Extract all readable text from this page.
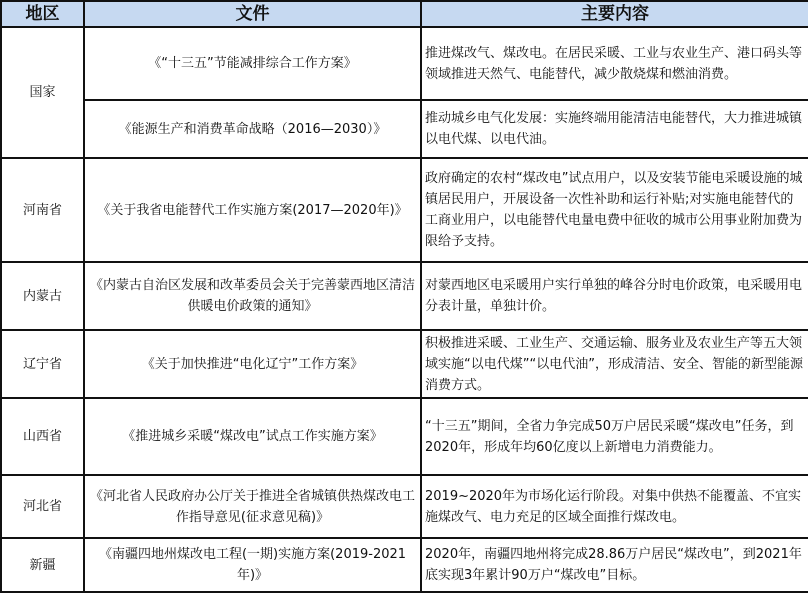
地区	文件	主要内容
国家	《“十三五”节能减排综合工作方案》	推进煤改气、煤改电。在居民采暖、工业与农业生产、港口码头等领域推进天然气、电能替代，减少散烧煤和燃油消费。
	《能源生产和消费革命战略（2016—2030）》	推动城乡电气化发展：实施终端用能清洁电能替代，大力推进城镇以电代煤、以电代油。
河南省	《关于我省电能替代工作实施方案(2017—2020年)》	政府确定的农村“煤改电”试点用户，以及安装节能电采暖设施的城镇居民用户，开展设备一次性补助和运行补贴;对实施电能替代的工商业用户，以电能替代电量电费中征收的城市公用事业附加费为限给予支持。
内蒙古	《内蒙古自治区发展和改革委员会关于完善蒙西地区清洁供暖电价政策的通知》	对蒙西地区电采暖用户实行单独的峰谷分时电价政策，电采暖用电分表计量，单独计价。
辽宁省	《关于加快推进“电化辽宁”工作方案》	积极推进采暖、工业生产、交通运输、服务业及农业生产等五大领域实施“以电代煤”“以电代油”，形成清洁、安全、智能的新型能源消费方式。
山西省	《推进城乡采暖“煤改电”试点工作实施方案》	“十三五”期间，全省力争完成50万户居民采暖“煤改电”任务，到2020年，形成年均60亿度以上新增电力消费能力。
河北省	《河北省人民政府办公厅关于推进全省城镇供热煤改电工作指导意见(征求意见稿)》	2019~2020年为市场化运行阶段。对集中供热不能覆盖、不宜实施煤改气、电力充足的区域全面推行煤改电。
新疆	《南疆四地州煤改电工程(一期)实施方案(2019-2021年)》	2020年，南疆四地州将完成28.86万户居民“煤改电”，到2021年底实现3年累计90万户“煤改电”目标。
